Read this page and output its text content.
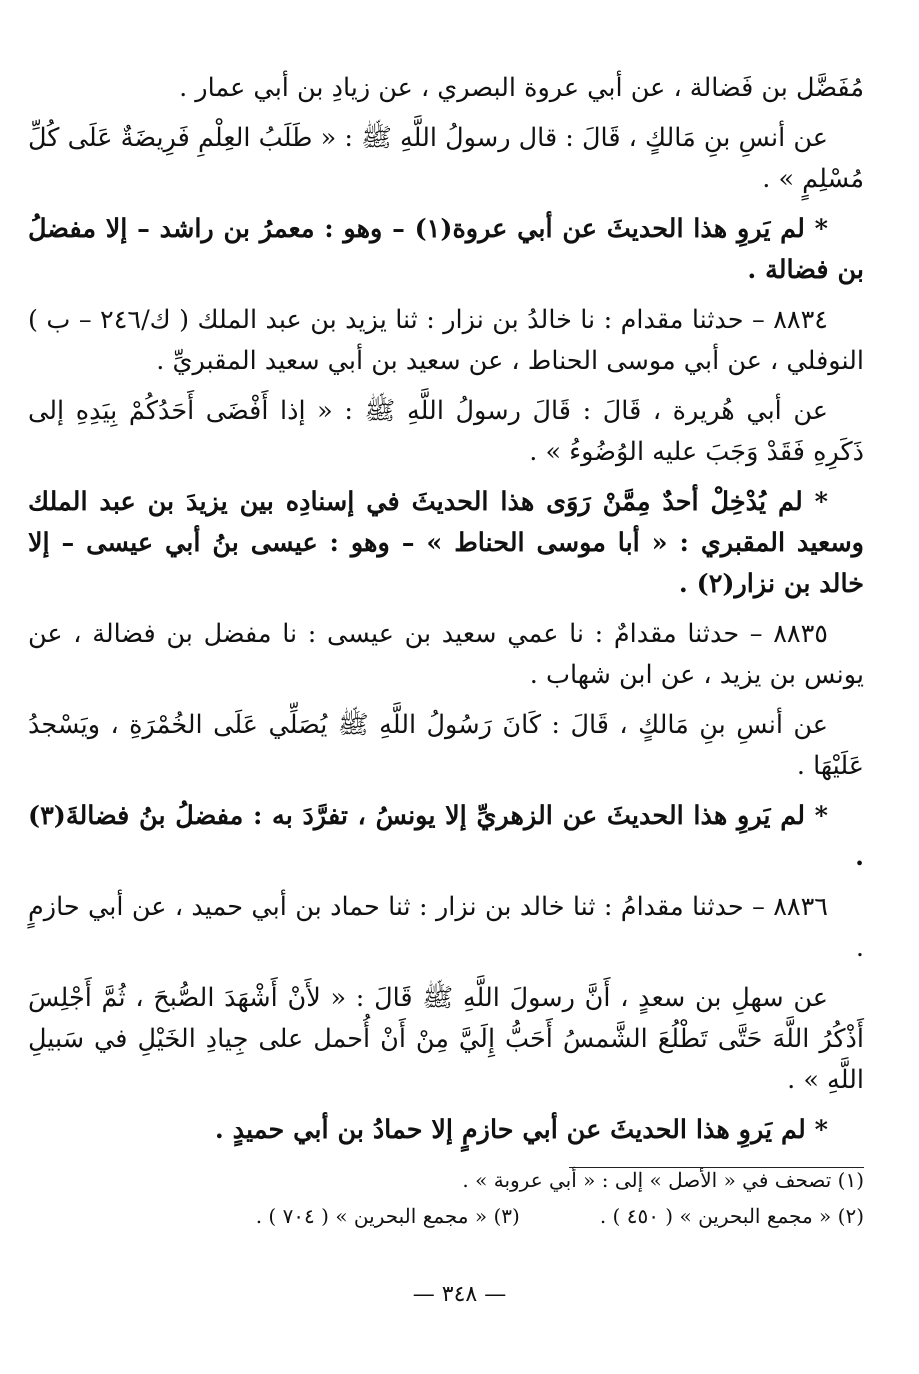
مُفَضَّل بن فَضالة ، عن أبي عروة البصري ، عن زيادِ بن أبي عمار .

عن أنسِ بنِ مَالكٍ ، قَالَ : قال رسولُ اللَّهِ ﷺ : « طَلَبُ العِلْمِ فَرِيضَةٌ عَلَى كُلِّ مُسْلِمٍ » .

* لم يَروِ هذا الحديثَ عن أبي عروة(١) – وهو : معمرُ بن راشد – إلا مفضلُ بن فضالة .

٨٨٣٤ – حدثنا مقدام : نا خالدُ بن نزار : ثنا يزيد بن عبد الملك ( ك/٢٤٦ – ب ) النوفلي ، عن أبي موسى الحناط ، عن سعيد بن أبي سعيد المقبريِّ .

عن أبي هُريرة ، قَالَ : قَالَ رسولُ اللَّهِ ﷺ : « إذا أَفْضَى أَحَدُكُمْ بِيَدِهِ إلى ذَكَرِهِ فَقَدْ وَجَبَ عليه الوُضُوءُ » .

* لم يُدْخِلْ أحدٌ مِمَّنْ رَوَى هذا الحديثَ في إسنادِه بين يزيدَ بن عبد الملك وسعيد المقبري : « أبا موسى الحناط » – وهو : عيسى بنُ أبي عيسى – إلا خالد بن نزار(٢) .

٨٨٣٥ – حدثنا مقدامٌ : نا عمي سعيد بن عيسى : نا مفضل بن فضالة ، عن يونس بن يزيد ، عن ابن شهاب .

عن أنسِ بنِ مَالكٍ ، قَالَ : كَانَ رَسُولُ اللَّهِ ﷺ يُصَلِّي عَلَى الخُمْرَةِ ، ويَسْجدُ عَلَيْهَا .

* لم يَروِ هذا الحديثَ عن الزهريِّ إلا يونسُ ، تفرَّدَ به : مفضلُ بنُ فضالةَ(٣) .

٨٨٣٦ – حدثنا مقدامُ : ثنا خالد بن نزار : ثنا حماد بن أبي حميد ، عن أبي حازمٍ .

عن سهلِ بن سعدٍ ، أَنَّ رسولَ اللَّهِ ﷺ قَالَ : « لأَنْ أَشْهَدَ الصُّبحَ ، ثُمَّ أَجْلِسَ أَذْكُرُ اللَّهَ حَتَّى تَطْلُعَ الشَّمسُ أَحَبُّ إِلَيَّ مِنْ أَنْ أُحمل على جِيادِ الخَيْلِ في سَبيلِ اللَّهِ » .

* لم يَروِ هذا الحديثَ عن أبي حازمٍ إلا حمادُ بن أبي حميدٍ .

(١) تصحف في « الأصل » إلى : « أبي عروبة » .
(٢) « مجمع البحرين » ( ٤٥٠ ) .
(٣) « مجمع البحرين » ( ٧٠٤ ) .
— ٣٤٨ —
